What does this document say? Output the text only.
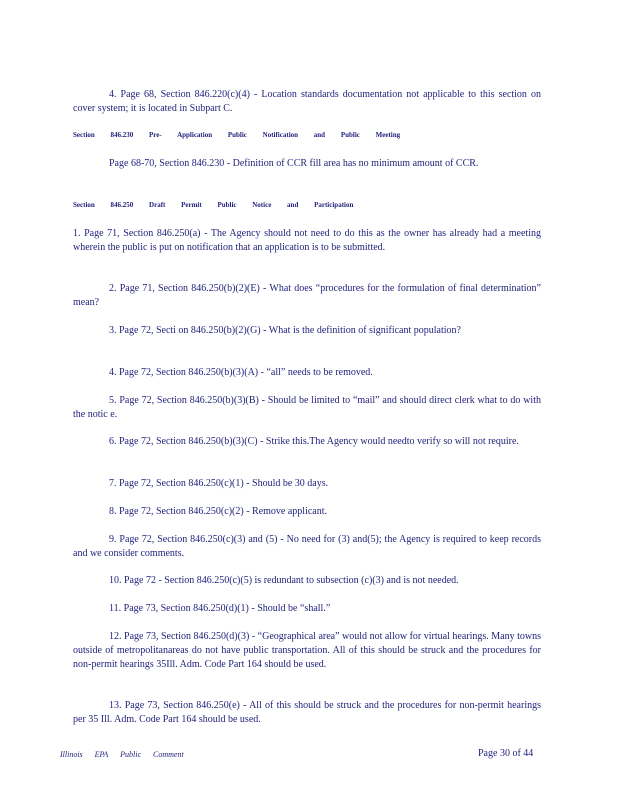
4. Page 68, Section 846.220(c)(4) - Location standards documentation not applicable to this section on cover system; it is located in Subpart C.

Section 846.230 Pre- Application Public Notification and Public Meeting

Page 68-70, Section 846.230 - Definition of CCR fill area has no minimum amount of CCR.

Section 846.250 Draft Permit Public Notice and Participation

1. Page 71, Section 846.250(a) - The Agency should not need to do this as the owner has already had a meeting wherein the public is put on notification that an application is to be submitted.

2. Page 71, Section 846.250(b)(2)(E) - What does “procedures for the formulation of final determination” mean?

3. Page 72, Secti on 846.250(b)(2)(G) - What is the definition of significant population?

4. Page 72, Section 846.250(b)(3)(A) - “all” needs to be removed.

5. Page 72, Section 846.250(b)(3)(B) - Should be limited to “mail” and should direct clerk what to do with the notic e.

6. Page 72, Section 846.250(b)(3)(C) - Strike this.The Agency would needto verify so will not require.

7. Page 72, Section 846.250(c)(1) - Should be 30 days.

8. Page 72, Section 846.250(c)(2) - Remove applicant.

9. Page 72, Section 846.250(c)(3) and (5) - No need for (3) and(5); the Agency is required to keep records and we consider comments.

10. Page 72 - Section 846.250(c)(5) is redundant to subsection (c)(3) and is not needed.

11. Page 73, Section 846.250(d)(1) - Should be “shall.”

12. Page 73, Section 846.250(d)(3) - “Geographical area” would not allow for virtual hearings. Many towns outside of metropolitanareas do not have public transportation. All of this should be struck and the procedures for non-permit hearings 35Ill. Adm. Code Part 164 should be used.

13. Page 73, Section 846.250(e) - All of this should be struck and the procedures for non-permit hearings per 35 Ill. Adm. Code Part 164 should be used.

Illinois EPA Public Comment	Page 30 of 44
